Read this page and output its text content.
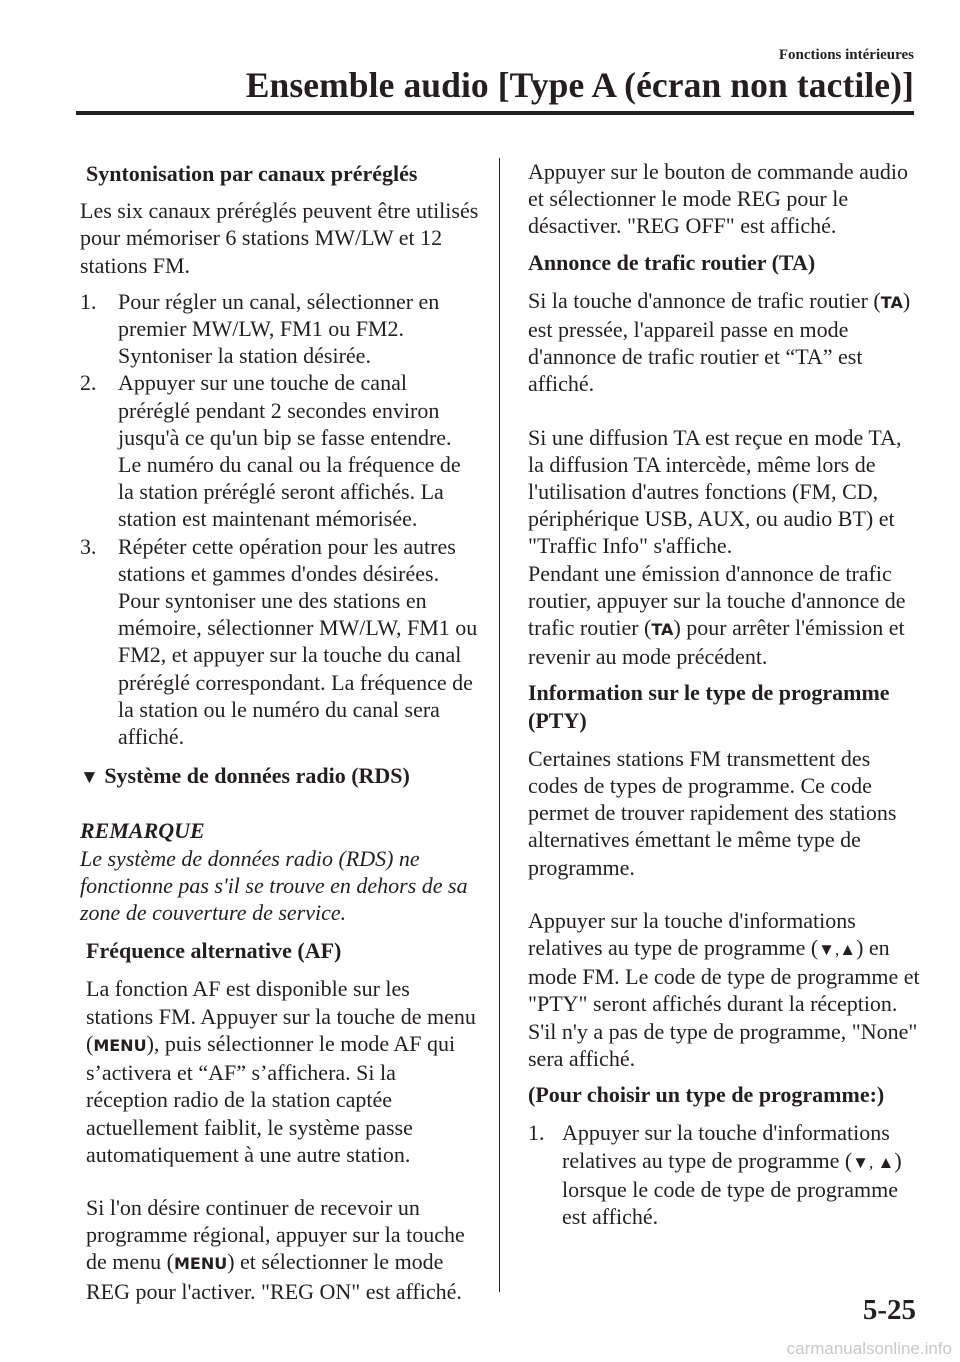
Fonctions intérieures
Ensemble audio [Type A (écran non tactile)]
Syntonisation par canaux préréglés

Les six canaux préréglés peuvent être utilisés pour mémoriser 6 stations MW/LW et 12 stations FM.

1. Pour régler un canal, sélectionner en premier MW/LW, FM1 ou FM2. Syntoniser la station désirée.
2. Appuyer sur une touche de canal préréglé pendant 2 secondes environ jusqu'à ce qu'un bip se fasse entendre. Le numéro du canal ou la fréquence de la station préréglé seront affichés. La station est maintenant mémorisée.
3. Répéter cette opération pour les autres stations et gammes d'ondes désirées. Pour syntoniser une des stations en mémoire, sélectionner MW/LW, FM1 ou FM2, et appuyer sur la touche du canal préréglé correspondant. La fréquence de la station ou le numéro du canal sera affiché.
▼ Système de données radio (RDS)

REMARQUE

Le système de données radio (RDS) ne fonctionne pas s'il se trouve en dehors de sa zone de couverture de service.

Fréquence alternative (AF)

La fonction AF est disponible sur les stations FM. Appuyer sur la touche de menu (MENU), puis sélectionner le mode AF qui s’activera et “AF” s’affichera. Si la réception radio de la station captée actuellement faiblit, le système passe automatiquement à une autre station.

Si l'on désire continuer de recevoir un programme régional, appuyer sur la touche de menu (MENU) et sélectionner le mode REG pour l'activer. "REG ON" est affiché.

Appuyer sur le bouton de commande audio et sélectionner le mode REG pour le désactiver. "REG OFF" est affiché.

Annonce de trafic routier (TA)

Si la touche d'annonce de trafic routier (TA) est pressée, l'appareil passe en mode d'annonce de trafic routier et “TA” est affiché.

Si une diffusion TA est reçue en mode TA, la diffusion TA intercède, même lors de l'utilisation d'autres fonctions (FM, CD, périphérique USB, AUX, ou audio BT) et "Traffic Info" s'affiche.

Pendant une émission d'annonce de trafic routier, appuyer sur la touche d'annonce de trafic routier (TA) pour arrêter l'émission et revenir au mode précédent.

Information sur le type de programme (PTY)

Certaines stations FM transmettent des codes de types de programme. Ce code permet de trouver rapidement des stations alternatives émettant le même type de programme.

Appuyer sur la touche d'informations relatives au type de programme (▼,▲) en mode FM. Le code de type de programme et "PTY" seront affichés durant la réception. S'il n'y a pas de type de programme, "None" sera affiché.

(Pour choisir un type de programme:)
1. Appuyer sur la touche d'informations relatives au type de programme (▼, ▲) lorsque le code de type de programme est affiché.
5-25
carmanualsonline.info
